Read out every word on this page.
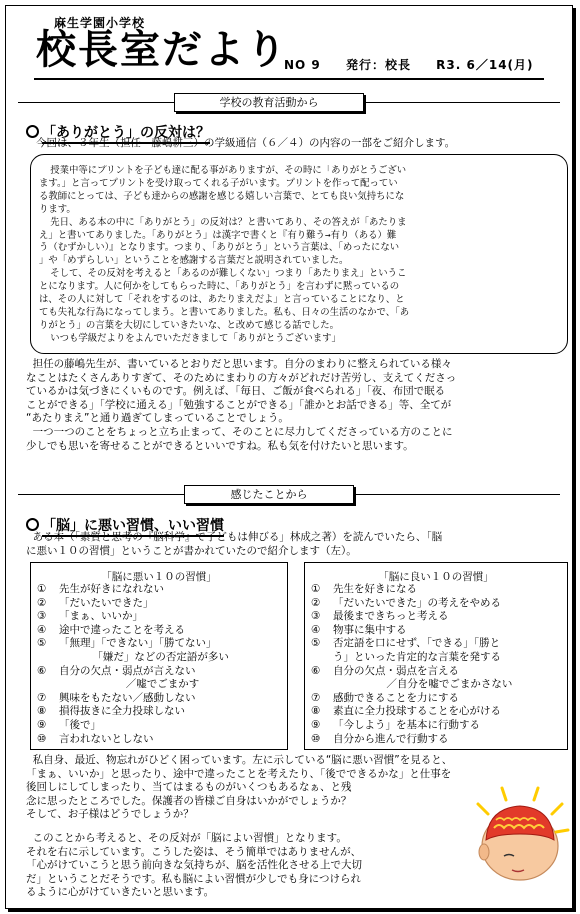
麻生学園小学校
校長室だより
NO 9 発行：校長 R3. 6／14(月)
学校の教育活動から
「ありがとう」の反対は？
今回は、３年生（担任－藤嶋耕三）の学級通信（６／４）の内容の一部をご紹介します。
授業中等にプリントを子ども達に配る事がありますが、その時に「ありがとうござい
ます。」と言ってプリントを受け取ってくれる子がいます。プリントを作って配ってい
る教師にとっては、子ども達からの感謝を感じる嬉しい言葉で、とても良い気持ちにな
ります。
先日、ある本の中に「ありがとう」の反対は？と書いてあり、その答えが「あたりま
え」と書いてありました。「ありがとう」は漢字で書くと『有り難う→有り（ある）難
う（むずかしい）』となります。つまり、「ありがとう」という言葉は、「めったにない
」や「めずらしい」ということを感謝する言葉だと説明されていました。
そして、その反対を考えると「あるのが難しくない」つまり「あたりまえ」というこ
とになります。人に何かをしてもらった時に、「ありがとう」を言わずに黙っているの
は、その人に対して「それをするのは、あたりまえだよ」と言っていることになり、と
ても失礼な行為になってしまう。と書いてありました。私も、日々の生活のなかで、「あ
りがとう」の言葉を大切にしていきたいな、と改めて感じる話でした。
いつも学級だよりをよんでいただきまして「ありがとうございます」
担任の藤嶋先生が、書いているとおりだと思います。自分のまわりに整えられている様々
なことはたくさんありすぎて、そのためにまわりの方々がどれだけ苦労し、支えてくださっ
ているかは気づきにくいものです。例えば、「毎日、ご飯が食べられる」「夜、布団で眠る
ことができる」「学校に通える」「勉強することができる」「誰かとお話できる」等、全てが
“あたりまえ”と通り過ぎてしまっていることでしょう。
一つ一つのことをちょっと立ち止まって、そのことに尽力してくださっている方のことに
少しでも思いを寄せることができるといいですね。私も気を付けたいと思います。
感じたことから
「脳」に悪い習慣、いい習慣
ある本（「素質と思考の『脳科学』で子どもは伸びる」林成之著）を読んでいたら、「脳
に悪い１０の習慣」ということが書かれていたので紹介します（左）。
「脳に悪い１０の習慣」
①	先生が好きになれない
②	「だいたいできた」
③	「まぁ、いいか」
④	途中で違ったことを考える
⑤	「無理」「できない」「勝てない」
「嫌だ」などの否定語が多い
⑥	自分の欠点・弱点が言えない
／嘘でごまかす
⑦	興味をもたない／感動しない
⑧	損得抜きに全力投球しない
⑨	「後で」
⑩	言われないとしない
「脳に良い１０の習慣」
①	先生を好きになる
②	「だいたいできた」の考えをやめる
③	最後まできちっと考える
④	物事に集中する
⑤	否定語を口にせず、「できる」「勝と
う」といった肯定的な言葉を発する
⑥	自分の欠点・弱点を言える
／自分を嘘でごまかさない
⑦	感動できることを力にする
⑧	素直に全力投球することを心がける
⑨	「今しよう」を基本に行動する
⑩	自分から進んで行動する
私自身、最近、物忘れがひどく困っています。左に示している“脳に悪い習慣”を見ると、
「まぁ、いいか」と思ったり、途中で違ったことを考えたり、「後でできるかな」と仕事を
後回しにしてしまったり、当てはまるものがいくつもあるなぁ、と残
念に思ったところでした。保護者の皆様ご自身はいかがでしょうか？
そして、お子様はどうでしょうか？
このことから考えると、その反対が「脳によい習慣」となります。
それを右に示しています。こうした姿は、そう簡単ではありませんが、
「心がけていこうと思う前向きな気持ちが、脳を活性化させる上で大切
だ」ということだそうです。私も脳によい習慣が少しでも身につけられ
るように心がけていきたいと思います。
